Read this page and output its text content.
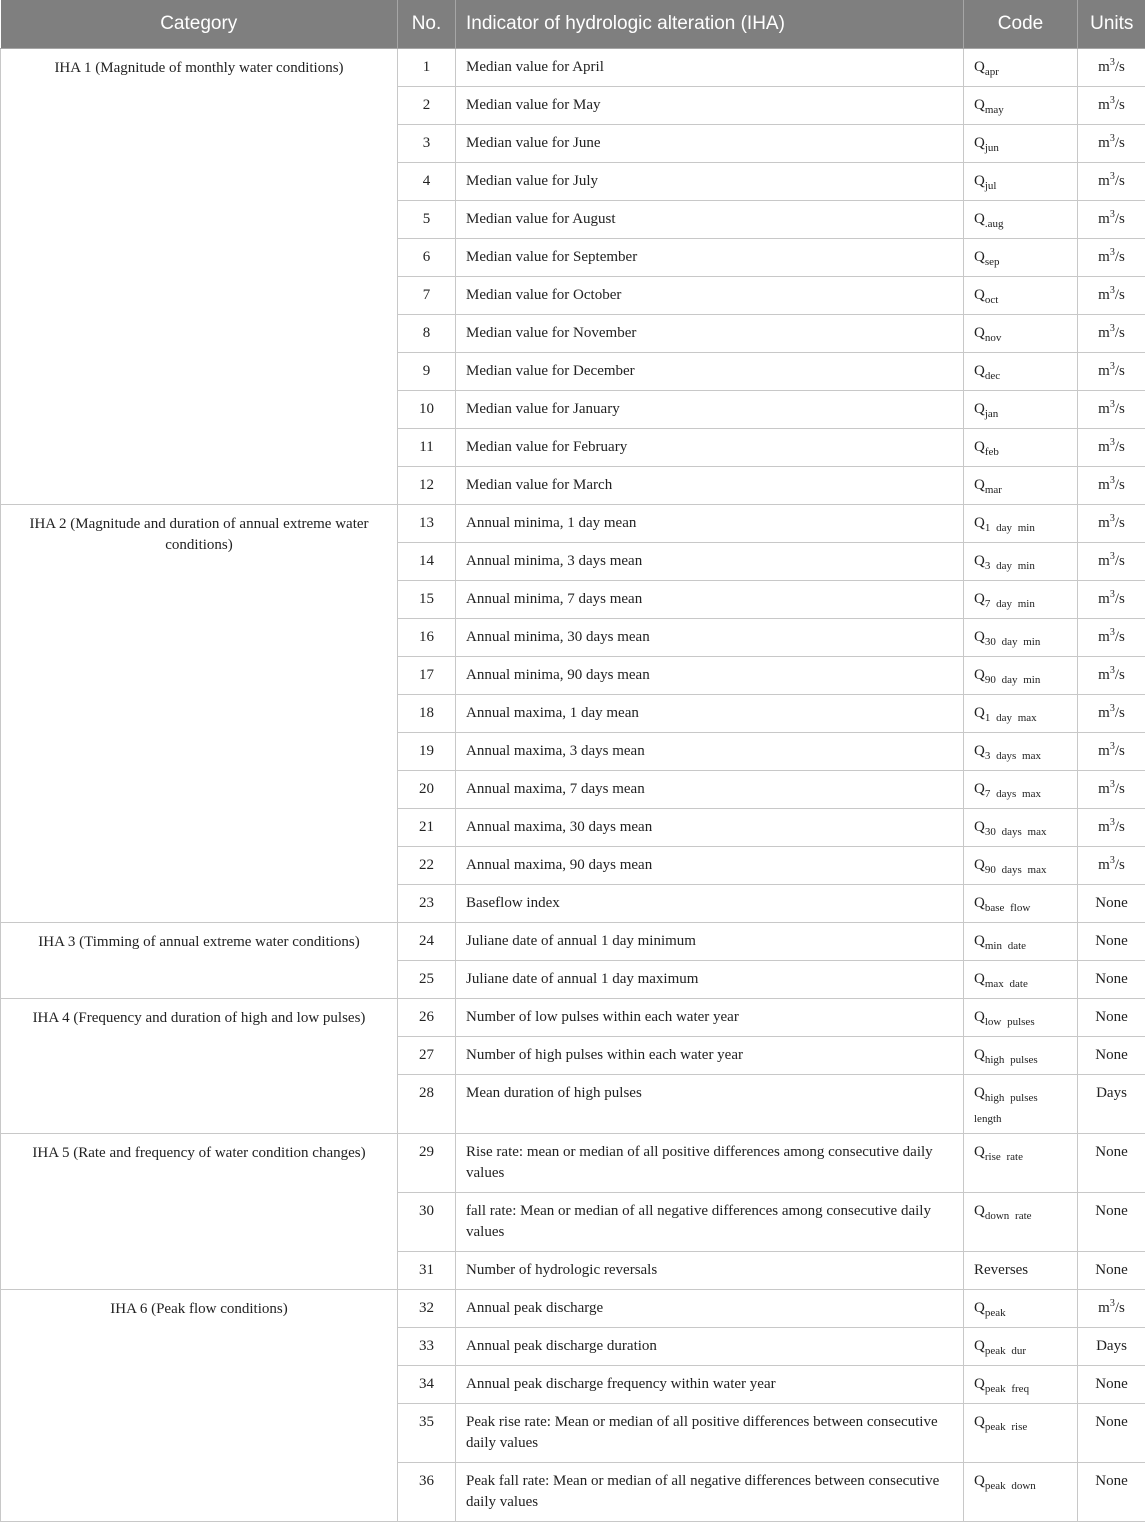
Category	No.	Indicator of hydrologic alteration (IHA)	Code	Units
IHA 1 (Magnitude of monthly water conditions)	1	Median value for April	$Q_{apr}$	$m^3/s$
	2	Median value for May	$Q_{may}$	$m^3/s$
	3	Median value for June	$Q_{jun}$	$m^3/s$
	4	Median value for July	$Q_{jul}$	$m^3/s$
	5	Median value for August	$Q_{.aug}$	$m^3/s$
	6	Median value for September	$Q_{sep}$	$m^3/s$
	7	Median value for October	$Q_{oct}$	$m^3/s$
	8	Median value for November	$Q_{nov}$	$m^3/s$
	9	Median value for December	$Q_{dec}$	$m^3/s$
	10	Median value for January	$Q_{jan}$	$m^3/s$
	11	Median value for February	$Q_{feb}$	$m^3/s$
	12	Median value for March	$Q_{mar}$	$m^3/s$
IHA 2 (Magnitude and duration of annual extreme water conditions)	13	Annual minima, 1 day mean	$Q_{1 day min}$	$m^3/s$
	14	Annual minima, 3 days mean	$Q_{3 day min}$	$m^3/s$
	15	Annual minima, 7 days mean	$Q_{7 day min}$	$m^3/s$
	16	Annual minima, 30 days mean	$Q_{30 day min}$	$m^3/s$
	17	Annual minima, 90 days mean	$Q_{90 day min}$	$m^3/s$
	18	Annual maxima, 1 day mean	$Q_{1 day max}$	$m^3/s$
	19	Annual maxima, 3 days mean	$Q_{3 days max}$	$m^3/s$
	20	Annual maxima, 7 days mean	$Q_{7 days max}$	$m^3/s$
	21	Annual maxima, 30 days mean	$Q_{30 days max}$	$m^3/s$
	22	Annual maxima, 90 days mean	$Q_{90 days max}$	$m^3/s$
	23	Baseflow index	$Q_{base flow}$	None
IHA 3 (Timming of annual extreme water conditions)	24	Juliane date of annual 1 day minimum	$Q_{min date}$	None
	25	Juliane date of annual 1 day maximum	$Q_{max date}$	None
IHA 4 (Frequency and duration of high and low pulses)	26	Number of low pulses within each water year	$Q_{low pulses}$	None
	27	Number of high pulses within each water year	$Q_{high pulses}$	None
	28	Mean duration of high pulses	$Q_{high pulses length}$	Days
IHA 5 (Rate and frequency of water condition changes)	29	Rise rate: mean or median of all positive differences among consecutive daily values	$Q_{rise rate}$	None
	30	fall rate: Mean or median of all negative differences among consecutive daily values	$Q_{down rate}$	None
	31	Number of hydrologic reversals	Reverses	None
IHA 6 (Peak flow conditions)	32	Annual peak discharge	$Q_{peak}$	$m^3/s$
	33	Annual peak discharge duration	$Q_{peak dur}$	Days
	34	Annual peak discharge frequency within water year	$Q_{peak freq}$	None
	35	Peak rise rate: Mean or median of all positive differences between consecutive daily values	$Q_{peak rise}$	None
	36	Peak fall rate: Mean or median of all negative differences between consecutive daily values	$Q_{peak down}$	None
